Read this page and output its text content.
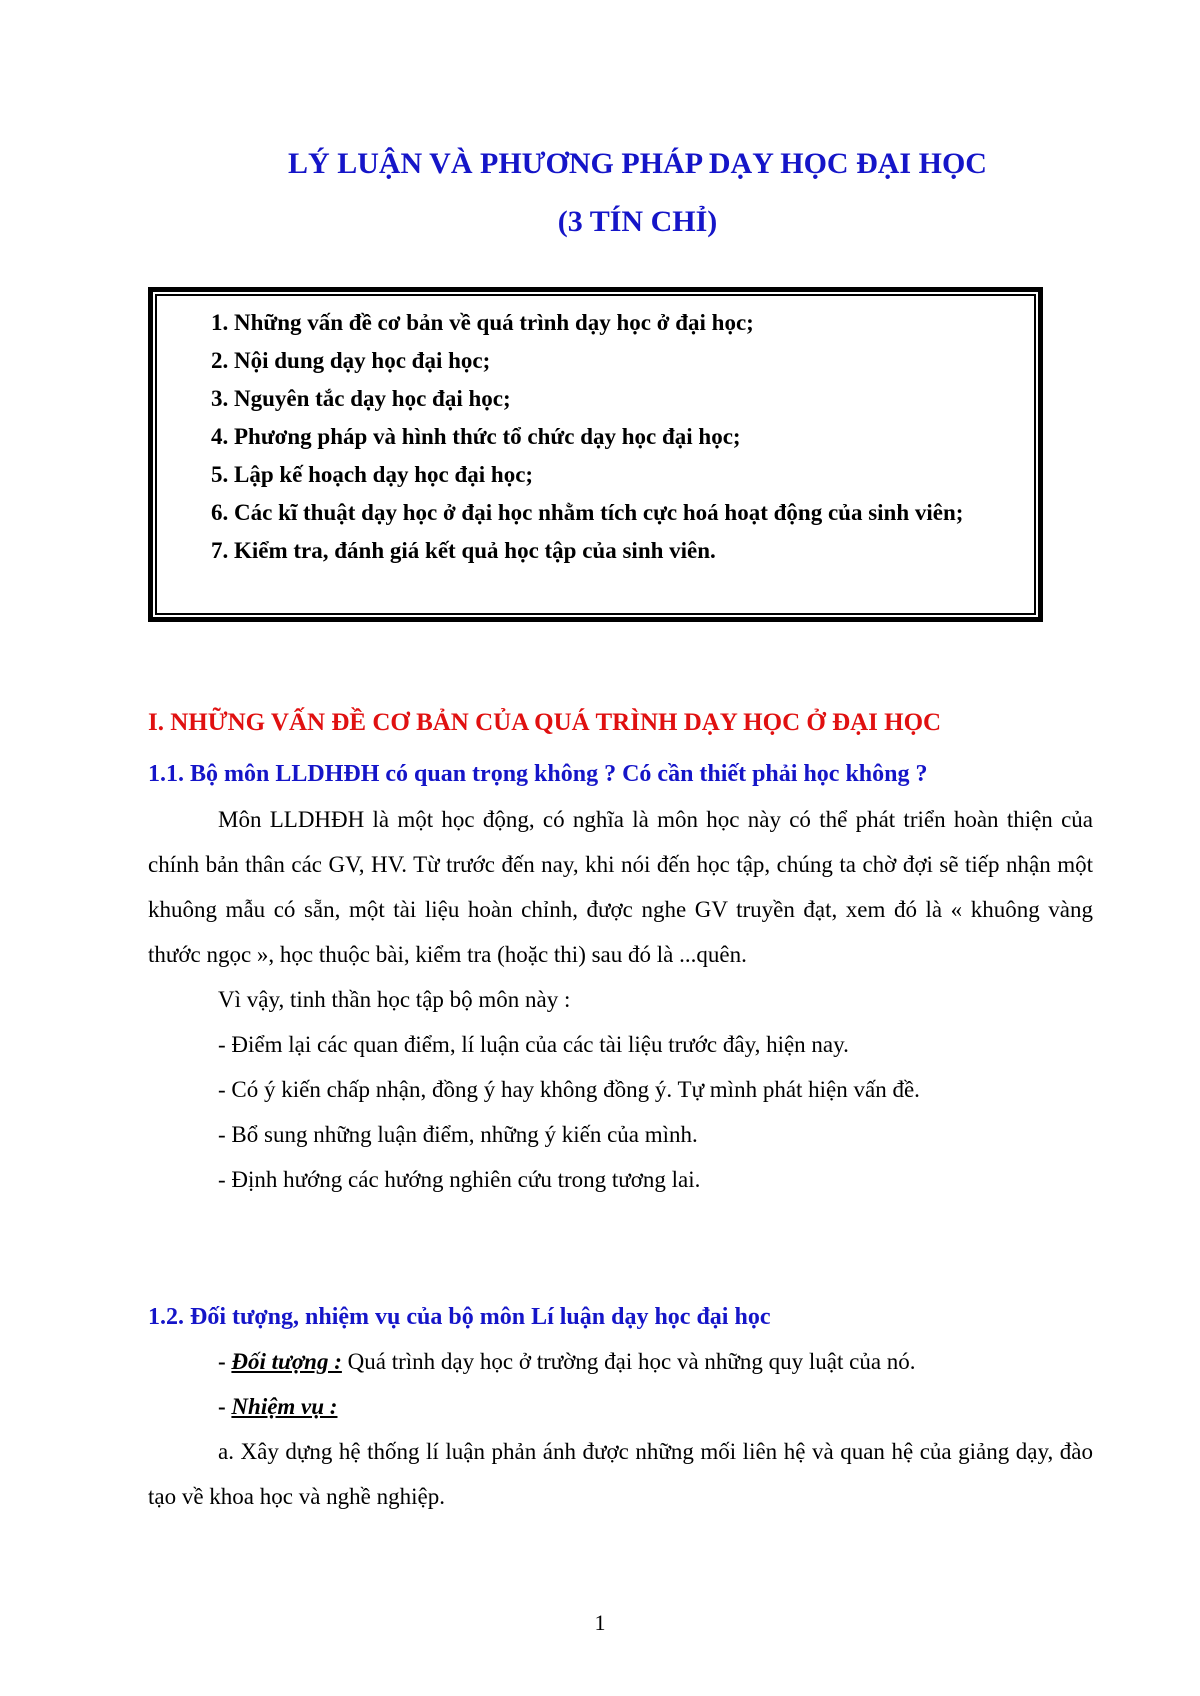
LÝ LUẬN VÀ PHƯƠNG PHÁP DẠY HỌC ĐẠI HỌC
(3 TÍN CHỈ)
1. Những vấn đề cơ bản về quá trình dạy học ở đại học;
2. Nội dung dạy học đại học;
3. Nguyên tắc dạy học đại học;
4. Phương pháp và hình thức tổ chức dạy học đại học;
5. Lập kế hoạch dạy học đại học;
6. Các kĩ thuật dạy học ở đại học nhằm tích cực hoá hoạt động của sinh viên;
7. Kiểm tra, đánh giá kết quả học tập của sinh viên.
I. NHỮNG VẤN ĐỀ CƠ BẢN CỦA QUÁ TRÌNH DẠY HỌC Ở ĐẠI HỌC
1.1. Bộ môn LLDHĐH có quan trọng không ? Có cần thiết phải học không ?

Môn LLDHĐH là một học động, có nghĩa là môn học này có thể phát triển hoàn thiện của chính bản thân các GV, HV. Từ trước đến nay, khi nói đến học tập, chúng ta chờ đợi sẽ tiếp nhận một khuông mẫu có sẵn, một tài liệu hoàn chỉnh, được nghe GV truyền đạt, xem đó là « khuông vàng thước ngọc », học thuộc bài, kiểm tra (hoặc thi) sau đó là ...quên.

Vì vậy, tinh thần học tập bộ môn này :

- Điểm lại các quan điểm, lí luận của các tài liệu trước đây, hiện nay.

- Có ý kiến chấp nhận, đồng ý hay không đồng ý. Tự mình phát hiện vấn đề.

- Bổ sung những luận điểm, những ý kiến của mình.

- Định hướng các hướng nghiên cứu trong tương lai.

1.2. Đối tượng, nhiệm vụ của bộ môn Lí luận dạy học đại học

- Đối tượng : Quá trình dạy học ở trường đại học và những quy luật của nó.

- Nhiệm vụ :

a. Xây dựng hệ thống lí luận phản ánh được những mối liên hệ và quan hệ của giảng dạy, đào tạo về khoa học và nghề nghiệp.

1
